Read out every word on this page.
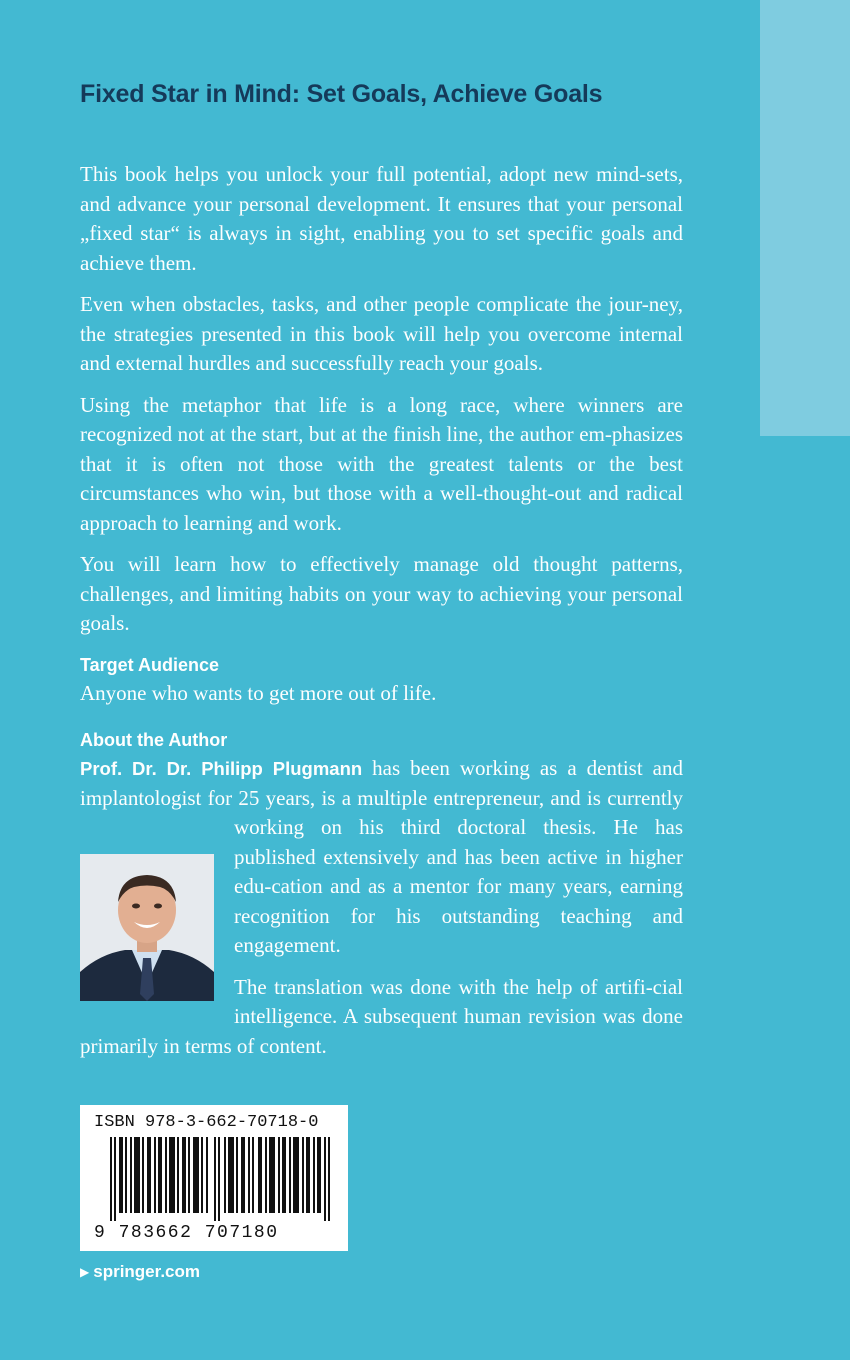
Fixed Star in Mind: Set Goals, Achieve Goals

This book helps you unlock your full potential, adopt new mind-sets, and advance your personal development. It ensures that your personal „fixed star“ is always in sight, enabling you to set specific goals and achieve them.

Even when obstacles, tasks, and other people complicate the jour-ney, the strategies presented in this book will help you overcome internal and external hurdles and successfully reach your goals.

Using the metaphor that life is a long race, where winners are recognized not at the start, but at the finish line, the author em-phasizes that it is often not those with the greatest talents or the best circumstances who win, but those with a well-thought-out and radical approach to learning and work.

You will learn how to effectively manage old thought patterns, challenges, and limiting habits on your way to achieving your personal goals.

Target Audience

Anyone who wants to get more out of life.

About the Author

Prof. Dr. Dr. Philipp Plugmann has been working as a dentist and implantologist for 25 years, is a multiple entrepreneur, and is currently working on his third doctoral thesis. He has published extensively and has been active in higher edu-cation and as a mentor for many years, earning recognition for his outstanding teaching and engagement.

The translation was done with the help of artifi-cial intelligence. A subsequent human revision was done primarily in terms of content.

ISBN 978-3-662-70718-0
9 783662 707180
▶ springer.com
